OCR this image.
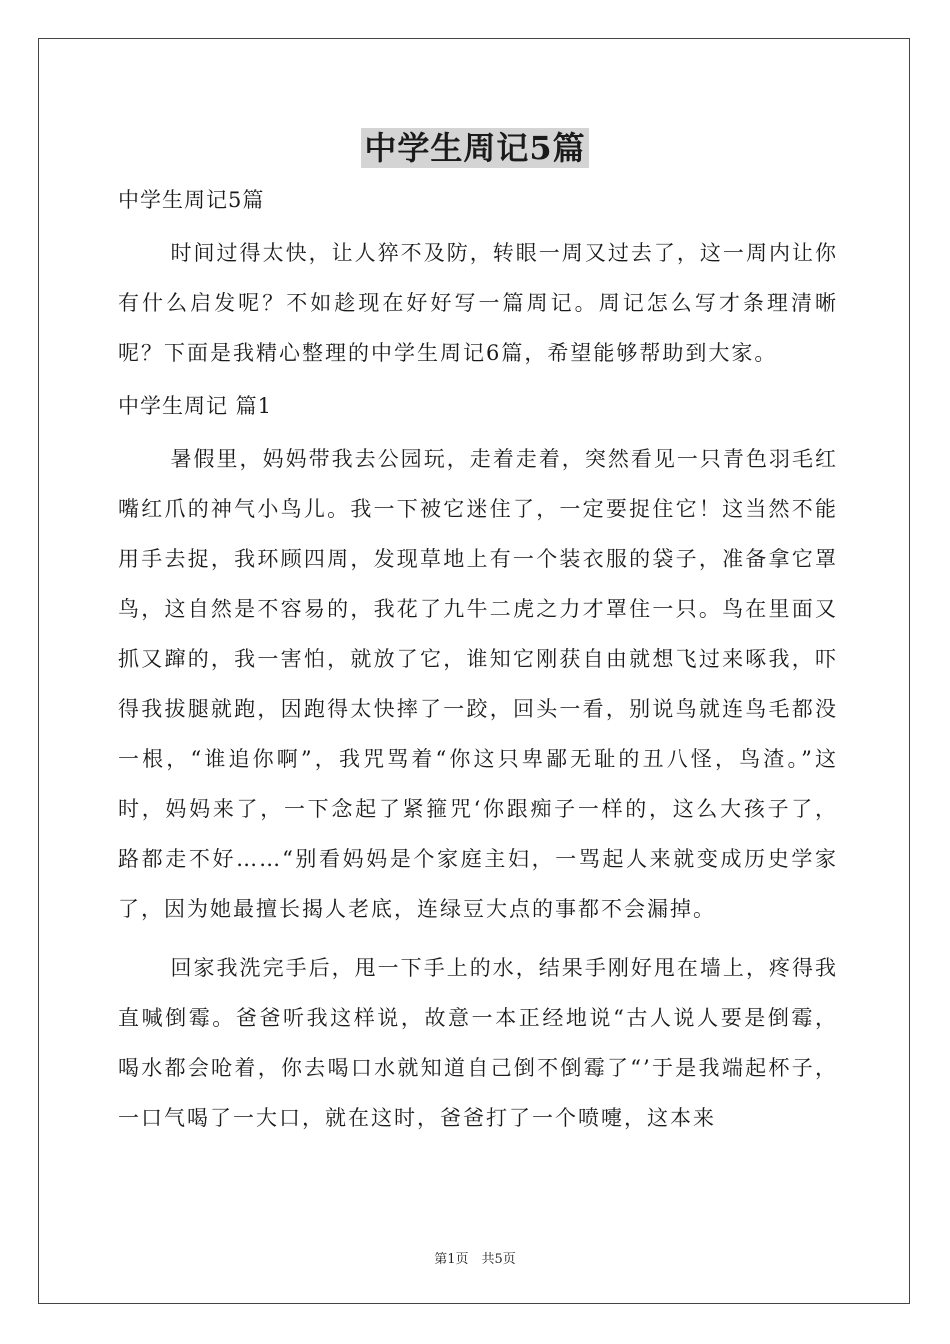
中学生周记5篇

中学生周记5篇

时间过得太快，让人猝不及防，转眼一周又过去了，这一周内让你有什么启发呢？不如趁现在好好写一篇周记。周记怎么写才条理清晰呢？下面是我精心整理的中学生周记6篇，希望能够帮助到大家。

中学生周记 篇1

暑假里，妈妈带我去公园玩，走着走着，突然看见一只青色羽毛红嘴红爪的神气小鸟儿。我一下被它迷住了，一定要捉住它！这当然不能用手去捉，我环顾四周，发现草地上有一个装衣服的袋子，准备拿它罩鸟，这自然是不容易的，我花了九牛二虎之力才罩住一只。鸟在里面又抓又蹿的，我一害怕，就放了它，谁知它刚获自由就想飞过来啄我，吓得我拔腿就跑，因跑得太快摔了一跤，回头一看，别说鸟就连鸟毛都没一根，“谁追你啊”，我咒骂着“你这只卑鄙无耻的丑八怪，鸟渣。”这时，妈妈来了，一下念起了紧箍咒‘你跟痴子一样的，这么大孩子了，路都走不好……“别看妈妈是个家庭主妇，一骂起人来就变成历史学家了，因为她最擅长揭人老底，连绿豆大点的事都不会漏掉。

回家我洗完手后，甩一下手上的水，结果手刚好甩在墙上，疼得我直喊倒霉。爸爸听我这样说，故意一本正经地说“古人说人要是倒霉，喝水都会呛着，你去喝口水就知道自己倒不倒霉了“’于是我端起杯子，一口气喝了一大口，就在这时，爸爸打了一个喷嚏，这本来

第1页　共5页
